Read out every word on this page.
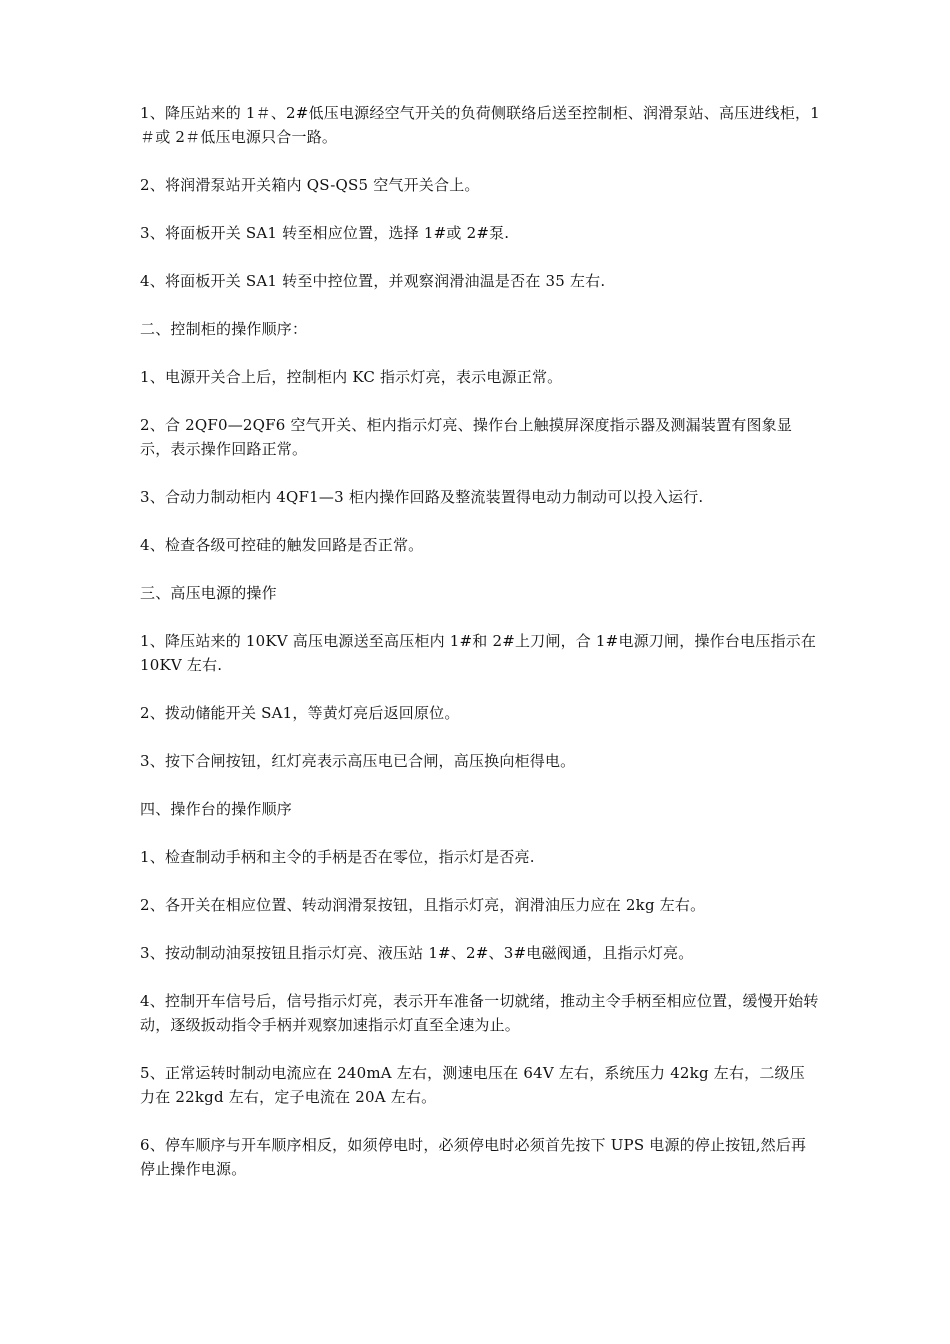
1、降压站来的 1＃、2#低压电源经空气开关的负荷侧联络后送至控制柜、润滑泵站、高压进线柜，1＃或 2＃低压电源只合一路。

2、将润滑泵站开关箱内 QS-QS5 空气开关合上。

3、将面板开关 SA1 转至相应位置，选择 1#或 2#泵.

4、将面板开关 SA1 转至中控位置，并观察润滑油温是否在 35 左右.

二、控制柜的操作顺序：

1、电源开关合上后，控制柜内 KC 指示灯亮，表示电源正常。

2、合 2QF0—2QF6 空气开关、柜内指示灯亮、操作台上触摸屏深度指示器及测漏装置有图象显示，表示操作回路正常。

3、合动力制动柜内 4QF1—3 柜内操作回路及整流装置得电动力制动可以投入运行.

4、检查各级可控硅的触发回路是否正常。

三、高压电源的操作

1、降压站来的 10KV 高压电源送至高压柜内 1#和 2#上刀闸，合 1#电源刀闸，操作台电压指示在 10KV 左右.

2、拨动储能开关 SA1，等黄灯亮后返回原位。

3、按下合闸按钮，红灯亮表示高压电已合闸，高压换向柜得电。

四、操作台的操作顺序

1、检查制动手柄和主令的手柄是否在零位，指示灯是否亮.

2、各开关在相应位置、转动润滑泵按钮，且指示灯亮，润滑油压力应在 2kg 左右。

3、按动制动油泵按钮且指示灯亮、液压站 1#、2#、3#电磁阀通，且指示灯亮。

4、控制开车信号后，信号指示灯亮，表示开车准备一切就绪，推动主令手柄至相应位置，缓慢开始转动，逐级扳动指令手柄并观察加速指示灯直至全速为止。

5、正常运转时制动电流应在 240mA 左右，测速电压在 64V 左右，系统压力 42kg 左右，二级压力在 22kgd 左右，定子电流在 20A 左右。

6、停车顺序与开车顺序相反，如须停电时，必须停电时必须首先按下 UPS 电源的停止按钮,然后再停止操作电源。
